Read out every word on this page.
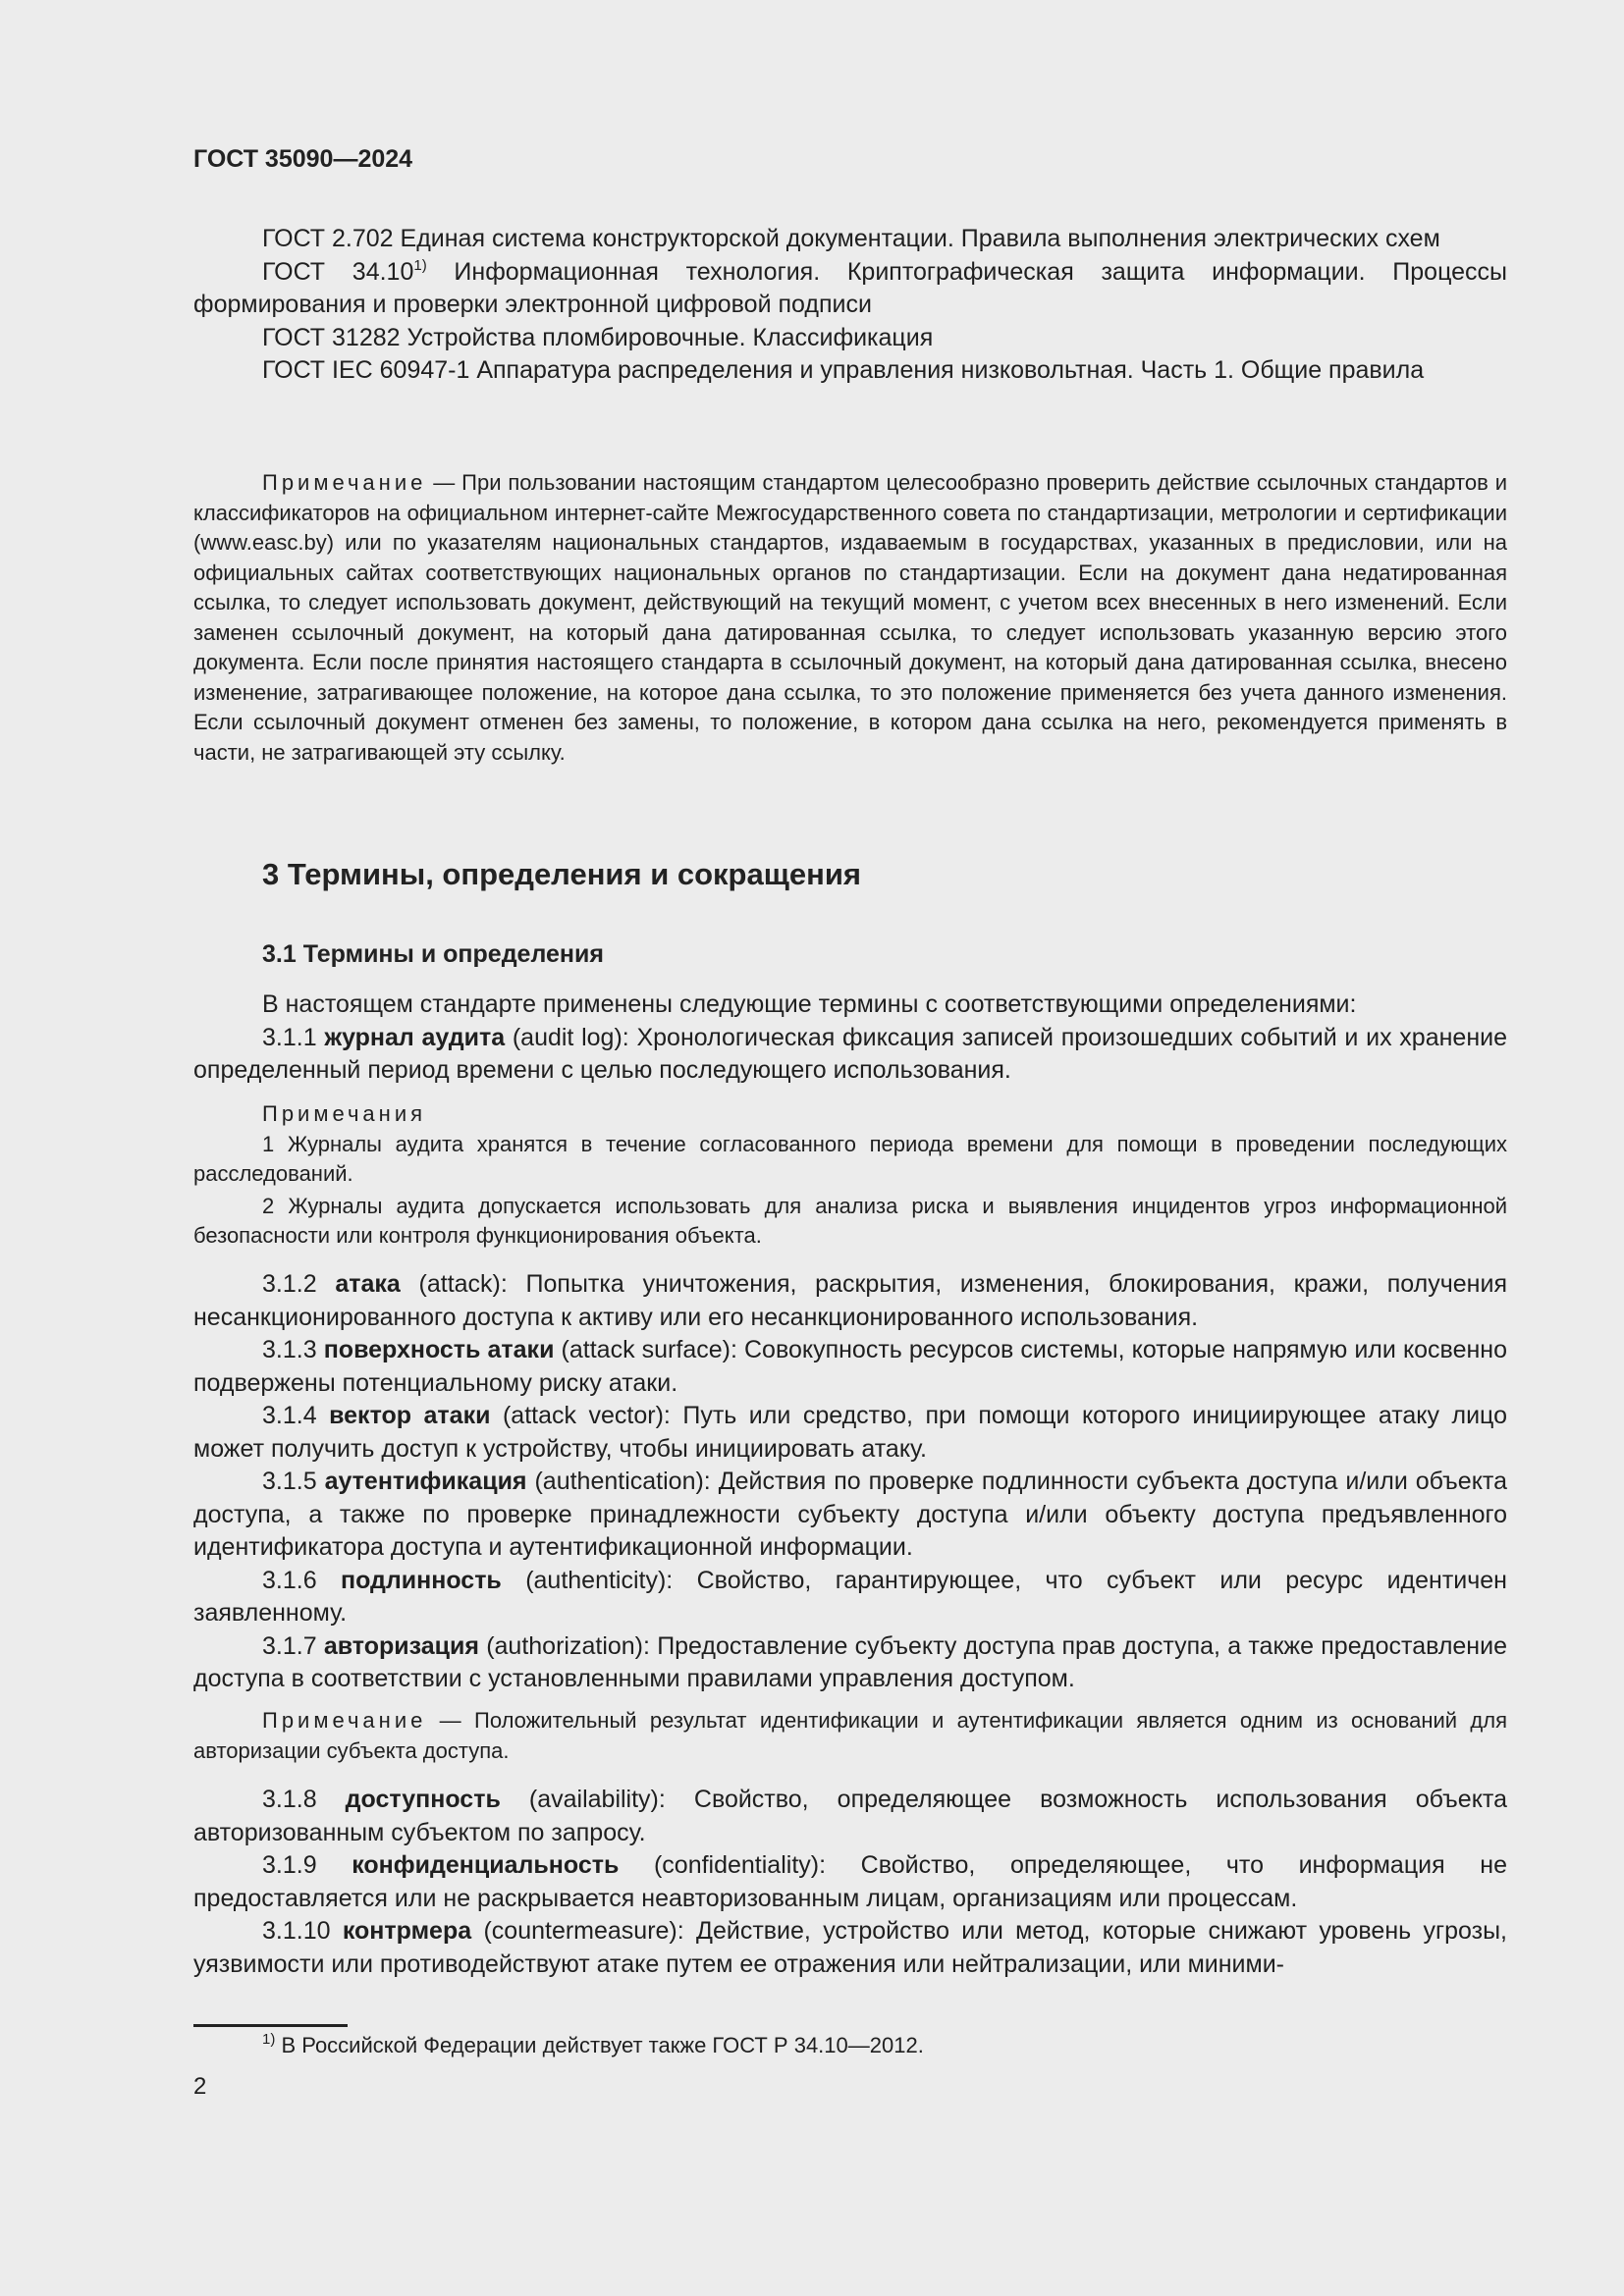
ГОСТ 35090—2024

ГОСТ 2.702 Единая система конструкторской документации. Правила выполнения электрических схем

ГОСТ 34.10$^{1)}$ Информационная технология. Криптографическая защита информации. Процессы формирования и проверки электронной цифровой подписи

ГОСТ 31282 Устройства пломбировочные. Классификация

ГОСТ IEC 60947-1 Аппаратура распределения и управления низковольтная. Часть 1. Общие правила

Примечание — При пользовании настоящим стандартом целесообразно проверить действие ссылочных стандартов и классификаторов на официальном интернет-сайте Межгосударственного совета по стандартизации, метрологии и сертификации (www.easc.by) или по указателям национальных стандартов, издаваемым в государствах, указанных в предисловии, или на официальных сайтах соответствующих национальных органов по стандартизации. Если на документ дана недатированная ссылка, то следует использовать документ, действующий на текущий момент, с учетом всех внесенных в него изменений. Если заменен ссылочный документ, на который дана датированная ссылка, то следует использовать указанную версию этого документа. Если после принятия настоящего стандарта в ссылочный документ, на который дана датированная ссылка, внесено изменение, затрагивающее положение, на которое дана ссылка, то это положение применяется без учета данного изменения. Если ссылочный документ отменен без замены, то положение, в котором дана ссылка на него, рекомендуется применять в части, не затрагивающей эту ссылку.

3 Термины, определения и сокращения

3.1 Термины и определения

В настоящем стандарте применены следующие термины с соответствующими определениями:

3.1.1 журнал аудита (audit log): Хронологическая фиксация записей произошедших событий и их хранение определенный период времени с целью последующего использования.

Примечания

1 Журналы аудита хранятся в течение согласованного периода времени для помощи в проведении последующих расследований.

2 Журналы аудита допускается использовать для анализа риска и выявления инцидентов угроз информационной безопасности или контроля функционирования объекта.

3.1.2 атака (attack): Попытка уничтожения, раскрытия, изменения, блокирования, кражи, получения несанкционированного доступа к активу или его несанкционированного использования.

3.1.3 поверхность атаки (attack surface): Совокупность ресурсов системы, которые напрямую или косвенно подвержены потенциальному риску атаки.

3.1.4 вектор атаки (attack vector): Путь или средство, при помощи которого инициирующее атаку лицо может получить доступ к устройству, чтобы инициировать атаку.

3.1.5 аутентификация (authentication): Действия по проверке подлинности субъекта доступа и/или объекта доступа, а также по проверке принадлежности субъекту доступа и/или объекту доступа предъявленного идентификатора доступа и аутентификационной информации.

3.1.6 подлинность (authenticity): Свойство, гарантирующее, что субъект или ресурс идентичен заявленному.

3.1.7 авторизация (authorization): Предоставление субъекту доступа прав доступа, а также предоставление доступа в соответствии с установленными правилами управления доступом.

Примечание — Положительный результат идентификации и аутентификации является одним из оснований для авторизации субъекта доступа.

3.1.8 доступность (availability): Свойство, определяющее возможность использования объекта авторизованным субъектом по запросу.

3.1.9 конфиденциальность (confidentiality): Свойство, определяющее, что информация не предоставляется или не раскрывается неавторизованным лицам, организациям или процессам.

3.1.10 контрмера (countermeasure): Действие, устройство или метод, которые снижают уровень угрозы, уязвимости или противодействуют атаке путем ее отражения или нейтрализации, или миними-

$^{1)}$ В Российской Федерации действует также ГОСТ Р 34.10—2012.
2
